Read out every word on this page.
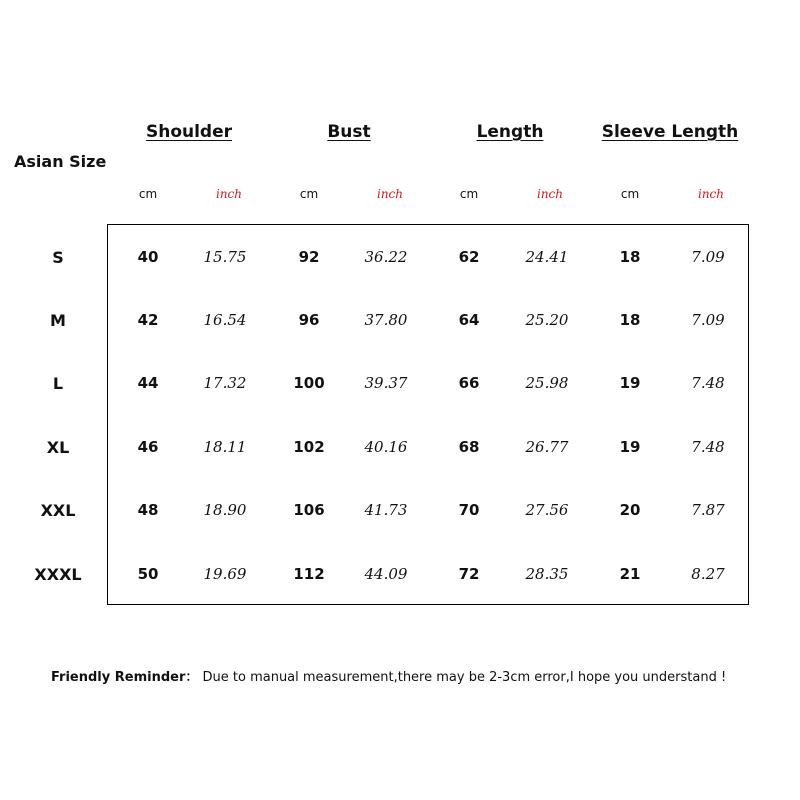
Shoulder	Bust	Length	Sleeve Length
Asian Size
cm	inch	cm	inch	cm	inch	cm	inch
S	40	15.75	92	36.22	62	24.41	18	7.09
M	42	16.54	96	37.80	64	25.20	18	7.09
L	44	17.32	100	39.37	66	25.98	19	7.48
XL	46	18.11	102	40.16	68	26.77	19	7.48
XXL	48	18.90	106	41.73	70	27.56	20	7.87
XXXL	50	19.69	112	44.09	72	28.35	21	8.27
Friendly Reminder： Due to manual measurement,there may be 2-3cm error,I hope you understand !
